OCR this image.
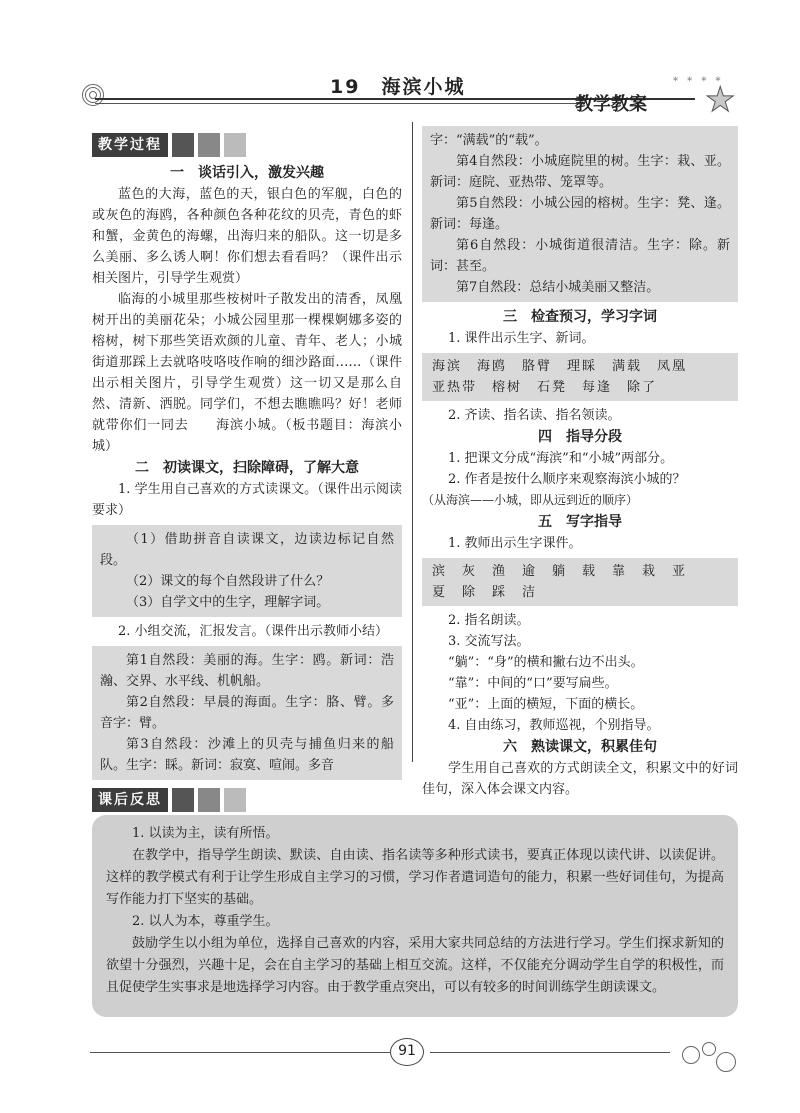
19　海滨小城
教学教案
* * * *
★
教学过程
一　谈话引入，激发兴趣
蓝色的大海，蓝色的天，银白色的军舰，白色的或灰色的海鸥，各种颜色各种花纹的贝壳，青色的虾和蟹，金黄色的海螺，出海归来的船队。这一切是多么美丽、多么诱人啊！你们想去看看吗？（课件出示相关图片，引导学生观赏）
临海的小城里那些桉树叶子散发出的清香，凤凰树开出的美丽花朵；小城公园里那一棵棵婀娜多姿的榕树，树下那些笑语欢颜的儿童、青年、老人；小城街道那踩上去就咯吱咯吱作响的细沙路面……（课件出示相关图片，引导学生观赏）这一切又是那么自然、清新、洒脱。同学们，不想去瞧瞧吗？好！老师就带你们一同去　　海滨小城。（板书题目：海滨小城）
二　初读课文，扫除障碍，了解大意
1. 学生用自己喜欢的方式读课文。（课件出示阅读要求）
（1）借助拼音自读课文，边读边标记自然段。
（2）课文的每个自然段讲了什么？
（3）自学文中的生字，理解字词。
2. 小组交流，汇报发言。（课件出示教师小结）
第1自然段：美丽的海。生字：鸥。新词：浩瀚、交界、水平线、机帆船。
第2自然段：早晨的海面。生字：胳、臂。多音字：臂。
第3自然段：沙滩上的贝壳与捕鱼归来的船队。生字：睬。新词：寂寞、喧闹。多音
字：“满载”的“载”。
第4自然段：小城庭院里的树。生字：栽、亚。新词：庭院、亚热带、笼罩等。
第5自然段：小城公园的榕树。生字：凳、逢。新词：每逢。
第6自然段：小城街道很清洁。生字：除。新词：甚至。
第7自然段：总结小城美丽又整洁。
三　检查预习，学习字词
1. 课件出示生字、新词。
海滨　海鸥　胳臂　理睬　满载　凤凰
亚热带　榕树　石凳　每逢　除了
2. 齐读、指名读、指名领读。
四　指导分段
1. 把课文分成“海滨”和“小城”两部分。
2. 作者是按什么顺序来观察海滨小城的？
（从海滨——小城，即从远到近的顺序）
五　写字指导
1. 教师出示生字课件。
滨　灰　渔　逾　躺　载　靠　栽　亚
夏　除　踩　洁
2. 指名朗读。
3. 交流写法。
“躺”：“身”的横和撇右边不出头。
“靠”：中间的“口”要写扁些。
“亚”：上面的横短，下面的横长。
4. 自由练习，教师巡视，个别指导。
六　熟读课文，积累佳句
学生用自己喜欢的方式朗读全文，积累文中的好词佳句，深入体会课文内容。
课后反思
1. 以读为主，读有所悟。
在教学中，指导学生朗读、默读、自由读、指名读等多种形式读书，要真正体现以读代讲、以读促讲。这样的教学模式有利于让学生形成自主学习的习惯，学习作者遣词造句的能力，积累一些好词佳句，为提高写作能力打下坚实的基础。
2. 以人为本，尊重学生。
鼓励学生以小组为单位，选择自己喜欢的内容，采用大家共同总结的方法进行学习。学生们探求新知的欲望十分强烈，兴趣十足，会在自主学习的基础上相互交流。这样，不仅能充分调动学生自学的积极性，而且促使学生实事求是地选择学习内容。由于教学重点突出，可以有较多的时间训练学生朗读课文。
91
